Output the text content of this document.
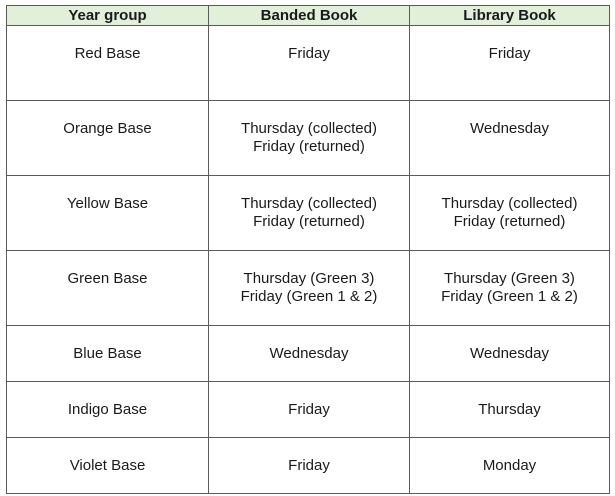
Year group	Banded Book	Library Book

Red Base	Friday	Friday

Orange Base	Thursday (collected)
Friday (returned)	Wednesday

Yellow Base	Thursday (collected)
Friday (returned)	Thursday (collected)
Friday (returned)

Green Base	Thursday (Green 3)
Friday (Green 1 & 2)	Thursday (Green 3)
Friday (Green 1 & 2)

Blue Base	Wednesday	Wednesday

Indigo Base	Friday	Thursday

Violet Base	Friday	Monday
